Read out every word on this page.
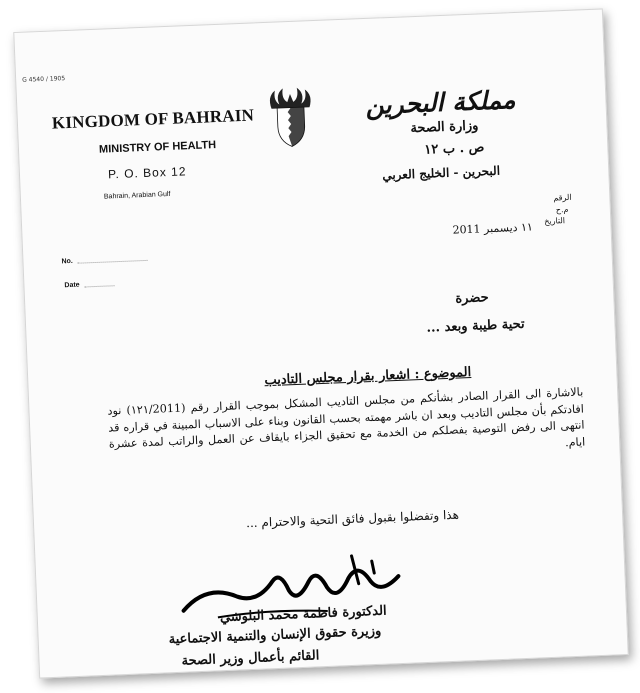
G 4540 / 1905
KINGDOM OF BAHRAIN
MINISTRY OF HEALTH
P. O. Box 12
Bahrain, Arabian Gulf
مملكة البحرين
وزارة الصحة
ص . ب ١٢
البحرين - الخليج العربي
الرقم
م.ح
التاريخ
١١ ديسمبر 2011
No.
Date
حضرة
تحية طيبة وبعد ...
الموضوع : اشعار بقرار مجلس التاديب
بالاشارة الى القرار الصادر بشأنكم من مجلس التاديب المشكل بموجب القرار رقم (١٢١/2011) نود افادتكم بأن مجلس التاديب وبعد ان باشر مهمته بحسب القانون وبناء على الاسباب المبينة في قراره قد انتهى الى رفض التوصية بفصلكم من الخدمة مع تحقيق الجزاء بايقاف عن العمل والراتب لمدة عشرة ايام.
هذا وتفضلوا بقبول فائق التحية والاحترام ...
الدكتورة فاطمة محمد البلوشي
وزيرة حقوق الإنسان والتنمية الاجتماعية
القائم بأعمال وزير الصحة
